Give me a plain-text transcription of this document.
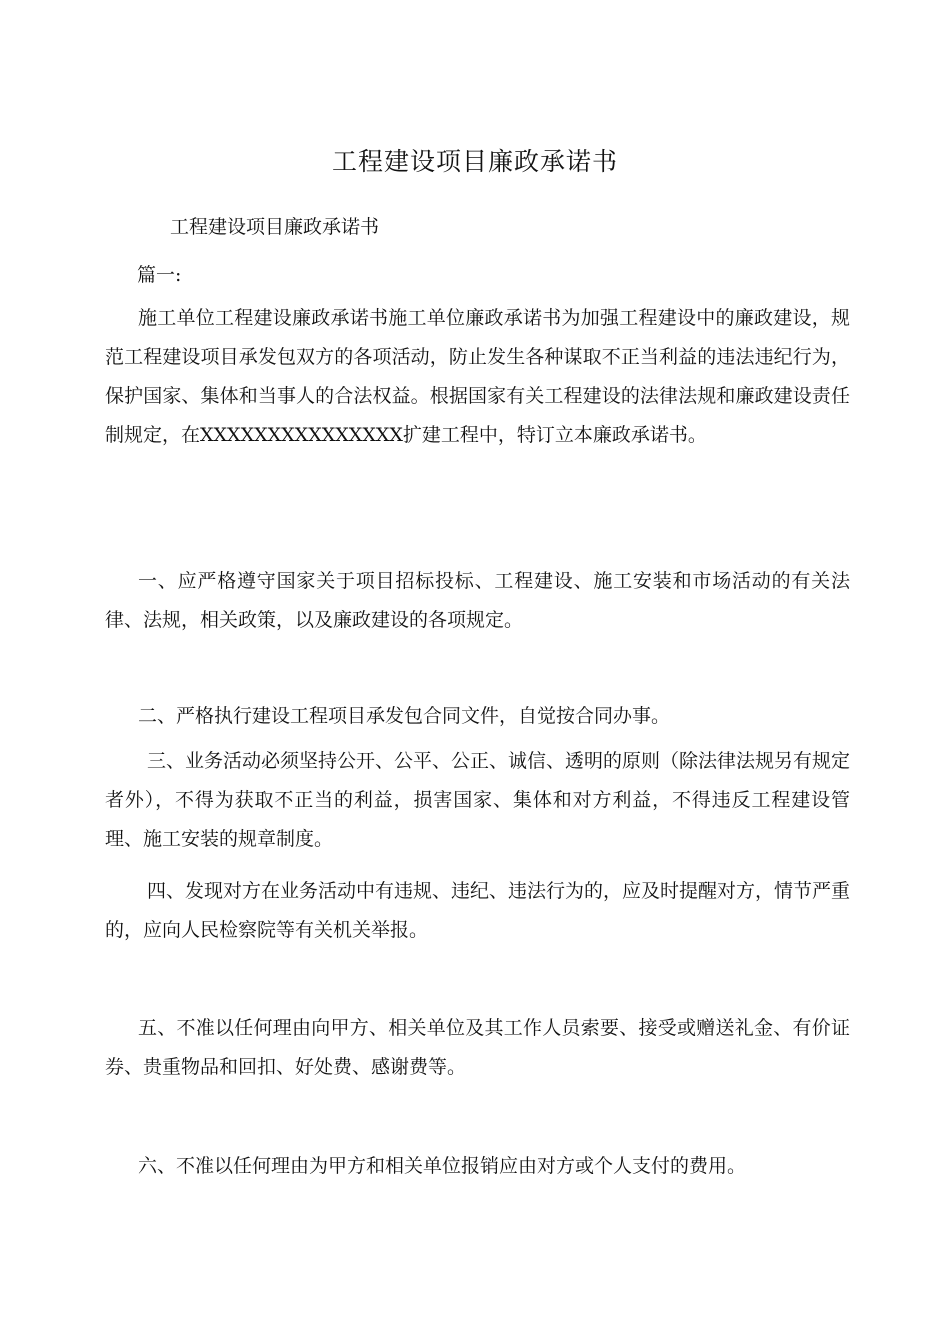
工程建设项目廉政承诺书

工程建设项目廉政承诺书

篇一:

施工单位工程建设廉政承诺书施工单位廉政承诺书为加强工程建设中的廉政建设，规范工程建设项目承发包双方的各项活动，防止发生各种谋取不正当利益的违法违纪行为，保护国家、集体和当事人的合法权益。根据国家有关工程建设的法律法规和廉政建设责任制规定，在XXXXXXXXXXXXXXX扩建工程中，特订立本廉政承诺书。

一、应严格遵守国家关于项目招标投标、工程建设、施工安装和市场活动的有关法律、法规，相关政策，以及廉政建设的各项规定。

二、严格执行建设工程项目承发包合同文件，自觉按合同办事。

三、业务活动必须坚持公开、公平、公正、诚信、透明的原则（除法律法规另有规定者外），不得为获取不正当的利益，损害国家、集体和对方利益，不得违反工程建设管理、施工安装的规章制度。

四、发现对方在业务活动中有违规、违纪、违法行为的，应及时提醒对方，情节严重的，应向人民检察院等有关机关举报。

五、不准以任何理由向甲方、相关单位及其工作人员索要、接受或赠送礼金、有价证券、贵重物品和回扣、好处费、感谢费等。

六、不准以任何理由为甲方和相关单位报销应由对方或个人支付的费用。
